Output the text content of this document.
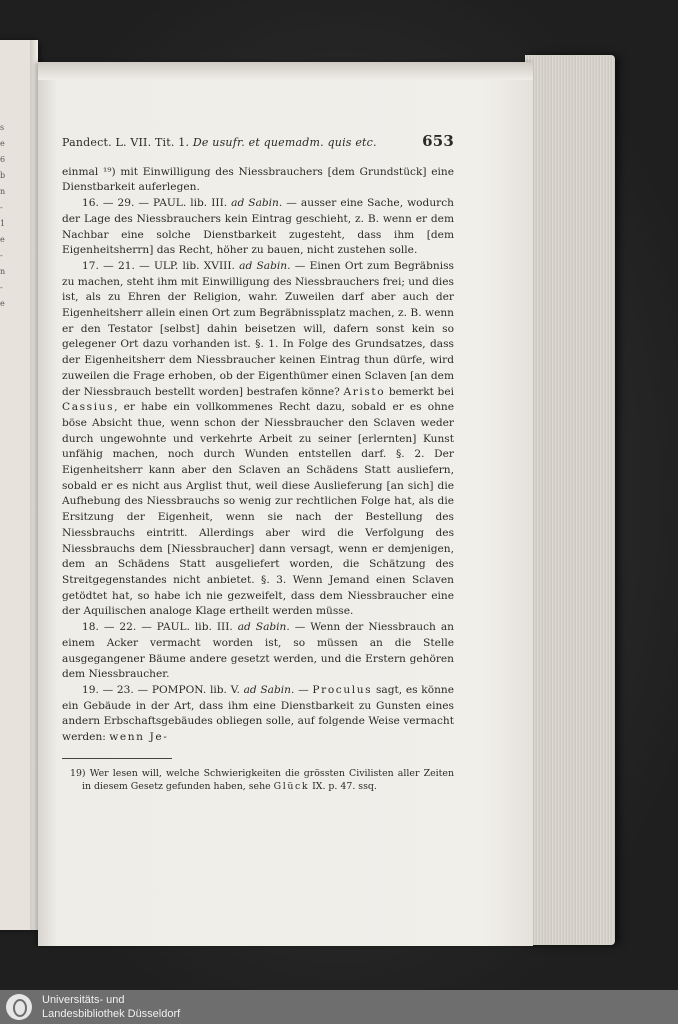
s
e
6
b
n
-
1
e
-
n
-
e
Pandect. L. VII. Tit. 1. De usufr. et quemadm. quis etc.	653

einmal ¹⁹) mit Einwilligung des Niessbrauchers [dem Grundstück] eine Dienstbarkeit auferlegen.

16. — 29. — PAUL. lib. III. ad Sabin. — ausser eine Sache, wodurch der Lage des Niessbrauchers kein Eintrag geschieht, z. B. wenn er dem Nachbar eine solche Dienstbarkeit zugesteht, dass ihm [dem Eigenheitsherrn] das Recht, höher zu bauen, nicht zustehen solle.

17. — 21. — ULP. lib. XVIII. ad Sabin. — Einen Ort zum Begräbniss zu machen, steht ihm mit Einwilligung des Niessbrauchers frei; und dies ist, als zu Ehren der Religion, wahr. Zuweilen darf aber auch der Eigenheitsherr allein einen Ort zum Begräbnissplatz machen, z. B. wenn er den Testator [selbst] dahin beisetzen will, dafern sonst kein so gelegener Ort dazu vorhanden ist. §. 1. In Folge des Grundsatzes, dass der Eigenheitsherr dem Niessbraucher keinen Eintrag thun dürfe, wird zuweilen die Frage erhoben, ob der Eigenthümer einen Sclaven [an dem der Niessbrauch bestellt worden] bestrafen könne? Aristo bemerkt bei Cassius, er habe ein vollkommenes Recht dazu, sobald er es ohne böse Absicht thue, wenn schon der Niessbraucher den Sclaven weder durch ungewohnte und verkehrte Arbeit zu seiner [erlernten] Kunst unfähig machen, noch durch Wunden entstellen darf. §. 2. Der Eigenheitsherr kann aber den Sclaven an Schädens Statt ausliefern, sobald er es nicht aus Arglist thut, weil diese Auslieferung [an sich] die Aufhebung des Niessbrauchs so wenig zur rechtlichen Folge hat, als die Ersitzung der Eigenheit, wenn sie nach der Bestellung des Niessbrauchs eintritt. Allerdings aber wird die Verfolgung des Niessbrauchs dem [Niessbraucher] dann versagt, wenn er demjenigen, dem an Schädens Statt ausgeliefert worden, die Schätzung des Streitgegenstandes nicht anbietet. §. 3. Wenn Jemand einen Sclaven getödtet hat, so habe ich nie gezweifelt, dass dem Niessbraucher eine der Aquilischen analoge Klage ertheilt werden müsse.

18. — 22. — PAUL. lib. III. ad Sabin. — Wenn der Niessbrauch an einem Acker vermacht worden ist, so müssen an die Stelle ausgegangener Bäume andere gesetzt werden, und die Erstern gehören dem Niessbraucher.

19. — 23. — POMPON. lib. V. ad Sabin. — Proculus sagt, es könne ein Gebäude in der Art, dass ihm eine Dienstbarkeit zu Gunsten eines andern Erbschaftsgebäudes obliegen solle, auf folgende Weise vermacht werden: wenn Je-

19) Wer lesen will, welche Schwierigkeiten die grössten Civilisten aller Zeiten in diesem Gesetz gefunden haben, sehe Glück IX. p. 47. ssq.

Universitäts- und
Landesbibliothek Düsseldorf
